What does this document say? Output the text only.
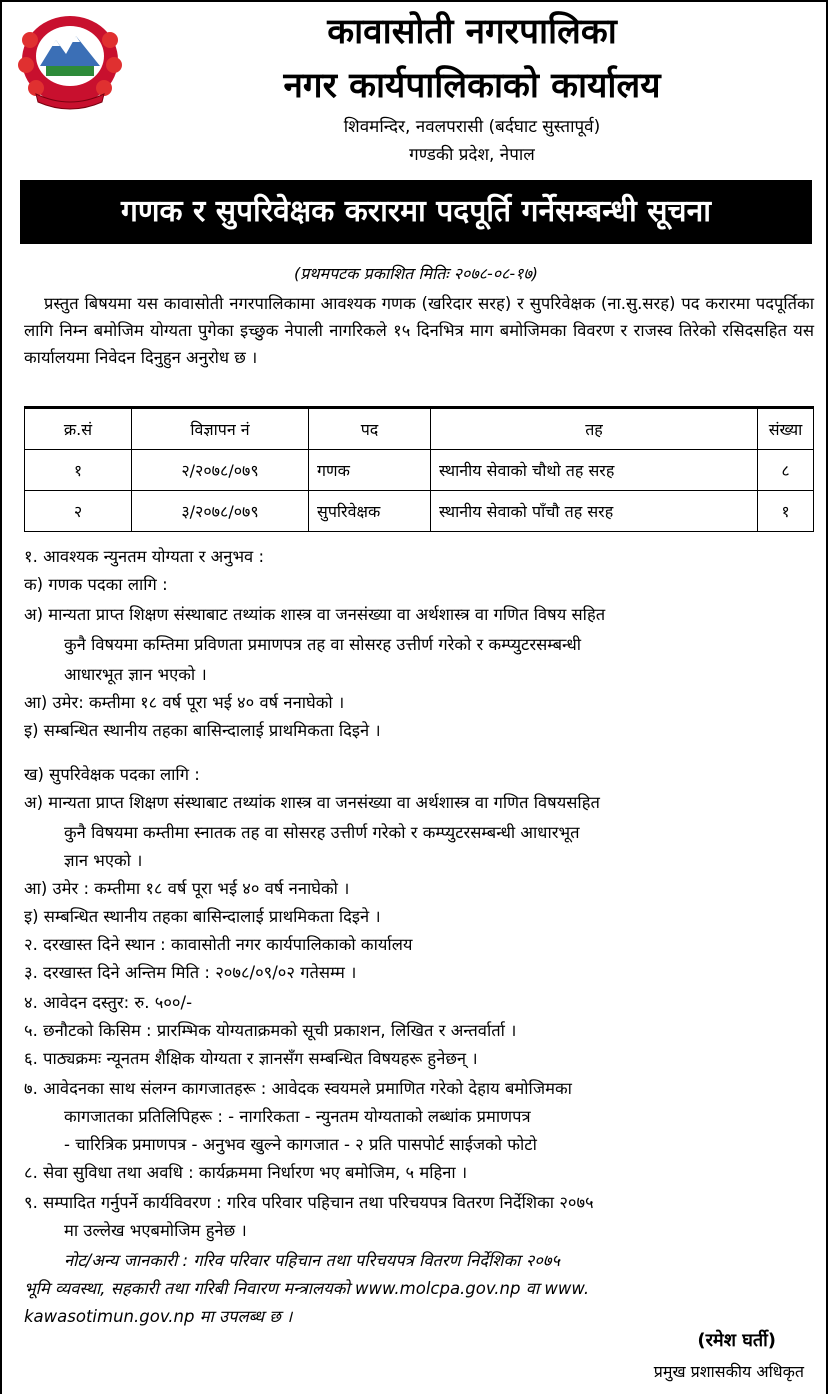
कावासोती नगरपालिका
नगर कार्यपालिकाको कार्यालय
शिवमन्दिर, नवलपरासी (बर्दघाट सुस्तापूर्व)
गण्डकी प्रदेश, नेपाल
गणक र सुपरिवेक्षक करारमा पदपूर्ति गर्नेसम्बन्धी सूचना
(प्रथमपटक प्रकाशित मितिः २०७८-०८-१७)
प्रस्तुत बिषयमा यस कावासोती नगरपालिकामा आवश्यक गणक (खरिदार सरह) र सुपरिवेक्षक (ना.सु.सरह) पद करारमा पदपूर्तिका लागि निम्न बमोजिम योग्यता पुगेका इच्छुक नेपाली नागरिकले १५ दिनभित्र माग बमोजिमका विवरण र राजस्व तिरेको रसिदसहित यस कार्यालयमा निवेदन दिनुहुन अनुरोध छ ।
क्र.सं	विज्ञापन नं	पद	तह	संख्या
१	२/२०७८/०७९	गणक	स्थानीय सेवाको चौथो तह सरह	८
२	३/२०७८/०७९	सुपरिवेक्षक	स्थानीय सेवाको पाँचौ तह सरह	१
१. आवश्यक न्युनतम योग्यता र अनुभव :
क) गणक पदका लागि :
अ) मान्यता प्राप्त शिक्षण संस्थाबाट तथ्यांक शास्त्र वा जनसंख्या वा अर्थशास्त्र वा गणित विषय सहित
कुनै विषयमा कम्तिमा प्रविणता प्रमाणपत्र तह वा सोसरह उत्तीर्ण गरेको र कम्प्युटरसम्बन्धी
आधारभूत ज्ञान भएको ।
आ) उमेर: कम्तीमा १८ वर्ष पूरा भई ४० वर्ष ननाघेको ।
इ) सम्बन्धित स्थानीय तहका बासिन्दालाई प्राथमिकता दिइने ।
ख) सुपरिवेक्षक पदका लागि :
अ) मान्यता प्राप्त शिक्षण संस्थाबाट तथ्यांक शास्त्र वा जनसंख्या वा अर्थशास्त्र वा गणित विषयसहित
कुनै विषयमा कम्तीमा स्नातक तह वा सोसरह उत्तीर्ण गरेको र कम्प्युटरसम्बन्धी आधारभूत
ज्ञान भएको ।
आ) उमेर : कम्तीमा १८ वर्ष पूरा भई ४० वर्ष ननाघेको ।
इ) सम्बन्धित स्थानीय तहका बासिन्दालाई प्राथमिकता दिइने ।
२. दरखास्त दिने स्थान : कावासोती नगर कार्यपालिकाको कार्यालय
३. दरखास्त दिने अन्तिम मिति : २०७८/०९/०२ गतेसम्म ।
४. आवेदन दस्तुर: रु. ५००/-
५. छनौटको किसिम : प्रारम्भिक योग्यताक्रमको सूची प्रकाशन, लिखित र अन्तर्वार्ता ।
६. पाठ्यक्रमः न्यूनतम शैक्षिक योग्यता र ज्ञानसँग सम्बन्धित विषयहरू हुनेछन् ।
७. आवेदनका साथ संलग्न कागजातहरू : आवेदक स्वयमले प्रमाणित गरेको देहाय बमोजिमका
कागजातका प्रतिलिपिहरू : - नागरिकता - न्युनतम योग्यताको लब्धांक प्रमाणपत्र
- चारित्रिक प्रमाणपत्र - अनुभव खुल्ने कागजात - २ प्रति पासपोर्ट साईजको फोटो
८. सेवा सुविधा तथा अवधि : कार्यक्रममा निर्धारण भए बमोजिम, ५ महिना ।
९. सम्पादित गर्नुपर्ने कार्यविवरण : गरिव परिवार पहिचान तथा परिचयपत्र वितरण निर्देशिका २०७५
मा उल्लेख भएबमोजिम हुनेछ ।
नोट/अन्य जानकारी : गरिव परिवार पहिचान तथा परिचयपत्र वितरण निर्देशिका २०७५
भूमि व्यवस्था, सहकारी तथा गरिबी निवारण मन्त्रालयको www.molcpa.gov.np वा www.
kawasotimun.gov.np मा उपलब्ध छ ।
(रमेश घर्ती)
प्रमुख प्रशासकीय अधिकृत
